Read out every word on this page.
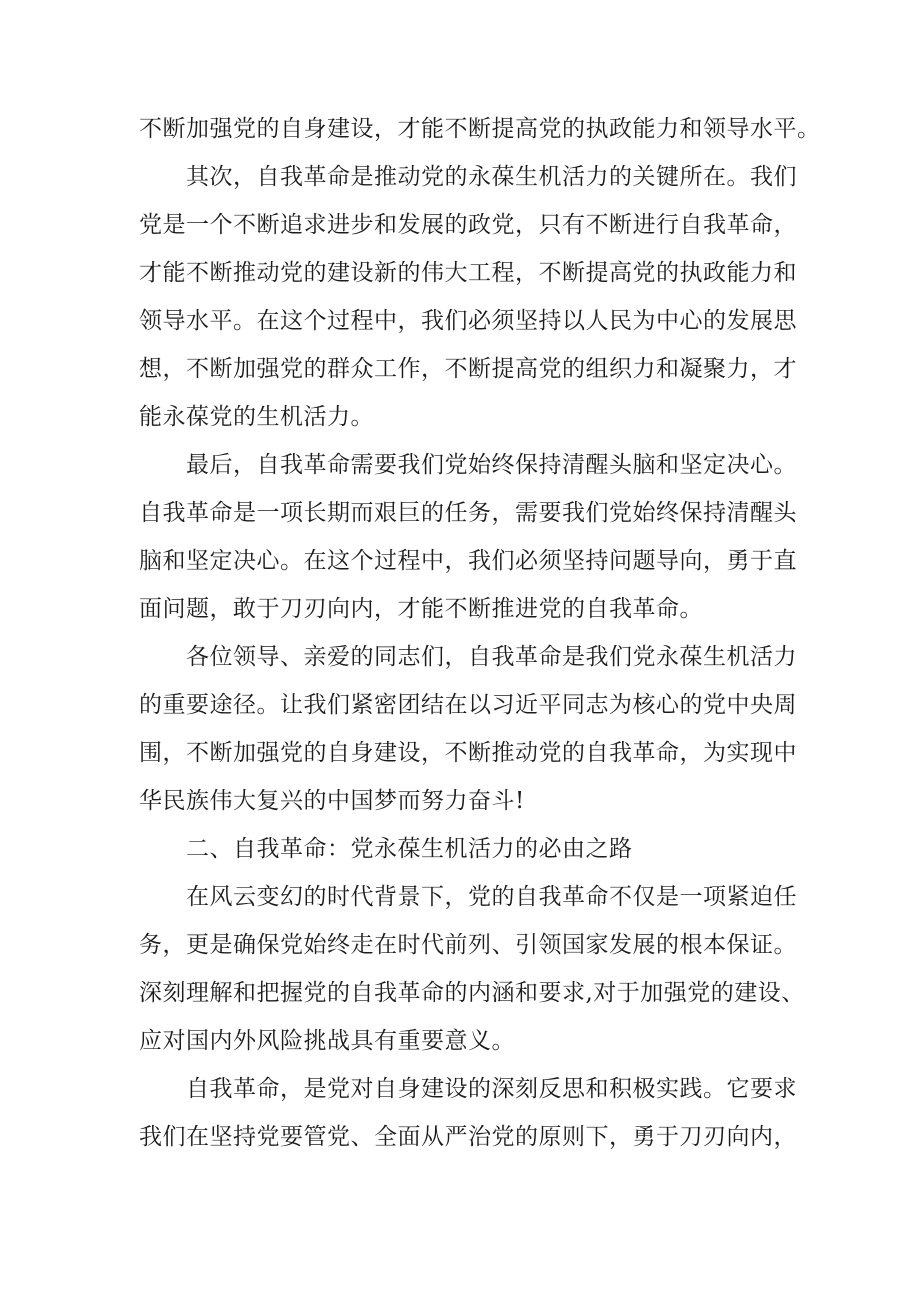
不断加强党的自身建设，才能不断提高党的执政能力和领导水平。

其次，自我革命是推动党的永葆生机活力的关键所在。我们

党是一个不断追求进步和发展的政党，只有不断进行自我革命，

才能不断推动党的建设新的伟大工程，不断提高党的执政能力和

领导水平。在这个过程中，我们必须坚持以人民为中心的发展思

想，不断加强党的群众工作，不断提高党的组织力和凝聚力，才

能永葆党的生机活力。

最后，自我革命需要我们党始终保持清醒头脑和坚定决心。

自我革命是一项长期而艰巨的任务，需要我们党始终保持清醒头

脑和坚定决心。在这个过程中，我们必须坚持问题导向，勇于直

面问题，敢于刀刃向内，才能不断推进党的自我革命。

各位领导、亲爱的同志们，自我革命是我们党永葆生机活力

的重要途径。让我们紧密团结在以习近平同志为核心的党中央周

围，不断加强党的自身建设，不断推动党的自我革命，为实现中

华民族伟大复兴的中国梦而努力奋斗!

二、自我革命：党永葆生机活力的必由之路

在风云变幻的时代背景下，党的自我革命不仅是一项紧迫任

务，更是确保党始终走在时代前列、引领国家发展的根本保证。

深刻理解和把握党的自我革命的内涵和要求,对于加强党的建设、

应对国内外风险挑战具有重要意义。

自我革命，是党对自身建设的深刻反思和积极实践。它要求

我们在坚持党要管党、全面从严治党的原则下，勇于刀刃向内，
